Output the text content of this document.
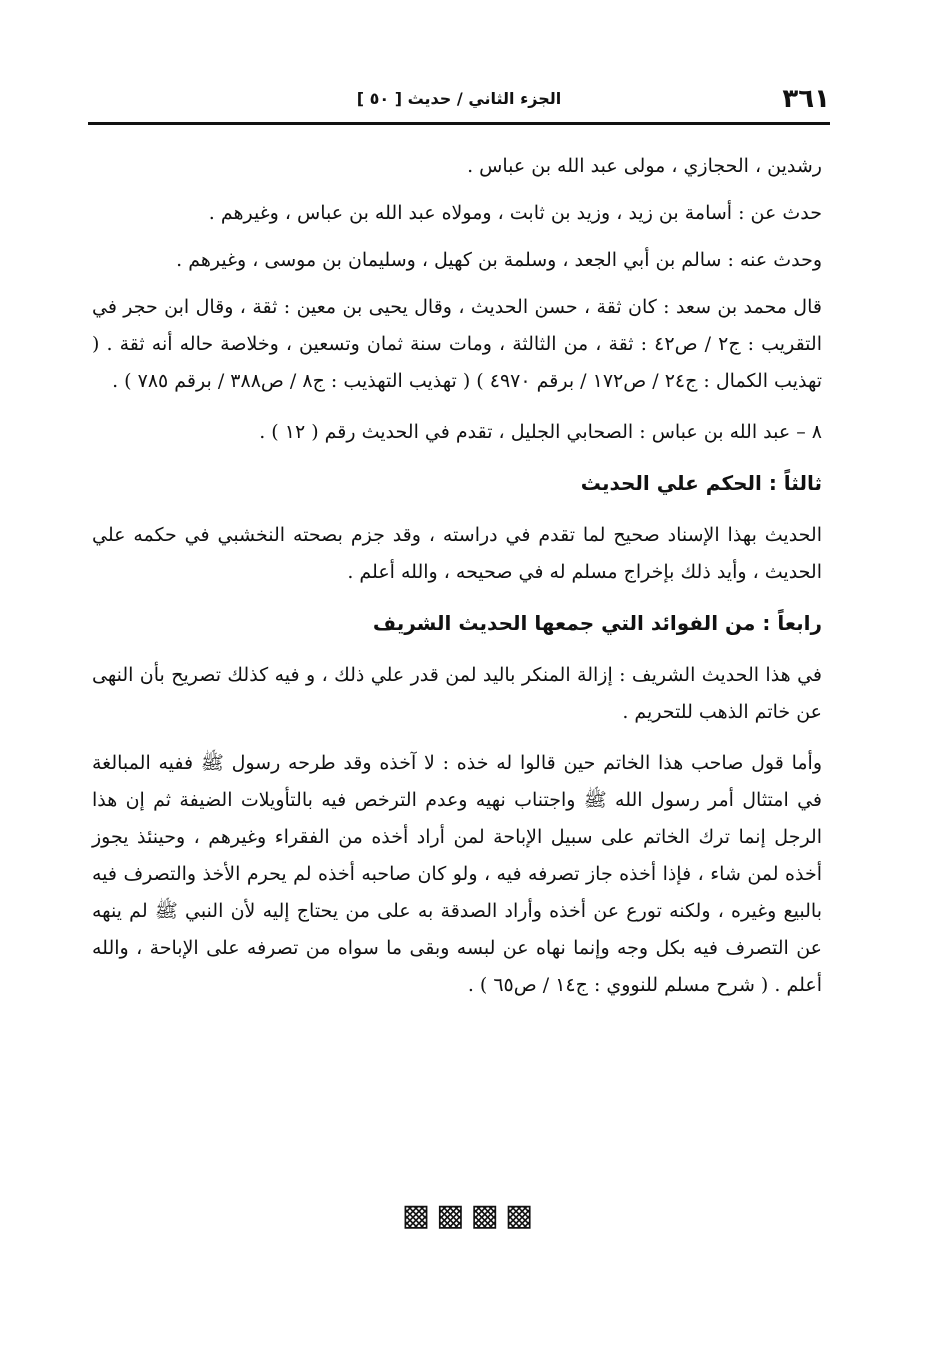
٣٦١
الجزء الثاني / حديث [ ٥٠ ]

رشدين ، الحجازي ، مولى عبد الله بن عباس .

حدث عن : أسامة بن زيد ، وزيد بن ثابت ، ومولاه عبد الله بن عباس ، وغيرهم .

وحدث عنه : سالم بن أبي الجعد ، وسلمة بن كهيل ، وسليمان بن موسى ، وغيرهم .

قال محمد بن سعد : كان ثقة ، حسن الحديث ، وقال يحيى بن معين : ثقة ، وقال ابن حجر في التقريب : ج٢ / ص٤٢ : ثقة ، من الثالثة ، ومات سنة ثمان وتسعين ، وخلاصة حاله أنه ثقة . ( تهذيب الكمال : ج٢٤ / ص١٧٢ / برقم ٤٩٧٠ ) ( تهذيب التهذيب : ج٨ / ص٣٨٨ / برقم ٧٨٥ ) .

٨ – عبد الله بن عباس : الصحابي الجليل ، تقدم في الحديث رقم ( ١٢ ) .

ثالثاً : الحكم علي الحديث

الحديث بهذا الإسناد صحيح لما تقدم في دراسته ، وقد جزم بصحته النخشبي في حكمه علي الحديث ، وأيد ذلك بإخراج مسلم له في صحيحه ، والله أعلم .

رابعاً : من الفوائد التي جمعها الحديث الشريف

في هذا الحديث الشريف : إزالة المنكر باليد لمن قدر علي ذلك ، و فيه كذلك تصريح بأن النهى عن خاتم الذهب للتحريم .

وأما قول صاحب هذا الخاتم حين قالوا له خذه : لا آخذه وقد طرحه رسول ﷺ ففيه المبالغة في امتثال أمر رسول الله ﷺ واجتناب نهيه وعدم الترخص فيه بالتأويلات الضيفة ثم إن هذا الرجل إنما ترك الخاتم على سبيل الإباحة لمن أراد أخذه من الفقراء وغيرهم ، وحينئذ يجوز أخذه لمن شاء ، فإذا أخذه جاز تصرفه فيه ، ولو كان صاحبه أخذه لم يحرم الأخذ والتصرف فيه بالبيع وغيره ، ولكنه تورع عن أخذه وأراد الصدقة به على من يحتاج إليه لأن النبي ﷺ لم ينهه عن التصرف فيه بكل وجه وإنما نهاه عن لبسه وبقى ما سواه من تصرفه على الإباحة ، والله أعلم . ( شرح مسلم للنووي : ج١٤ / ص٦٥ ) .

▩▩▩▩
